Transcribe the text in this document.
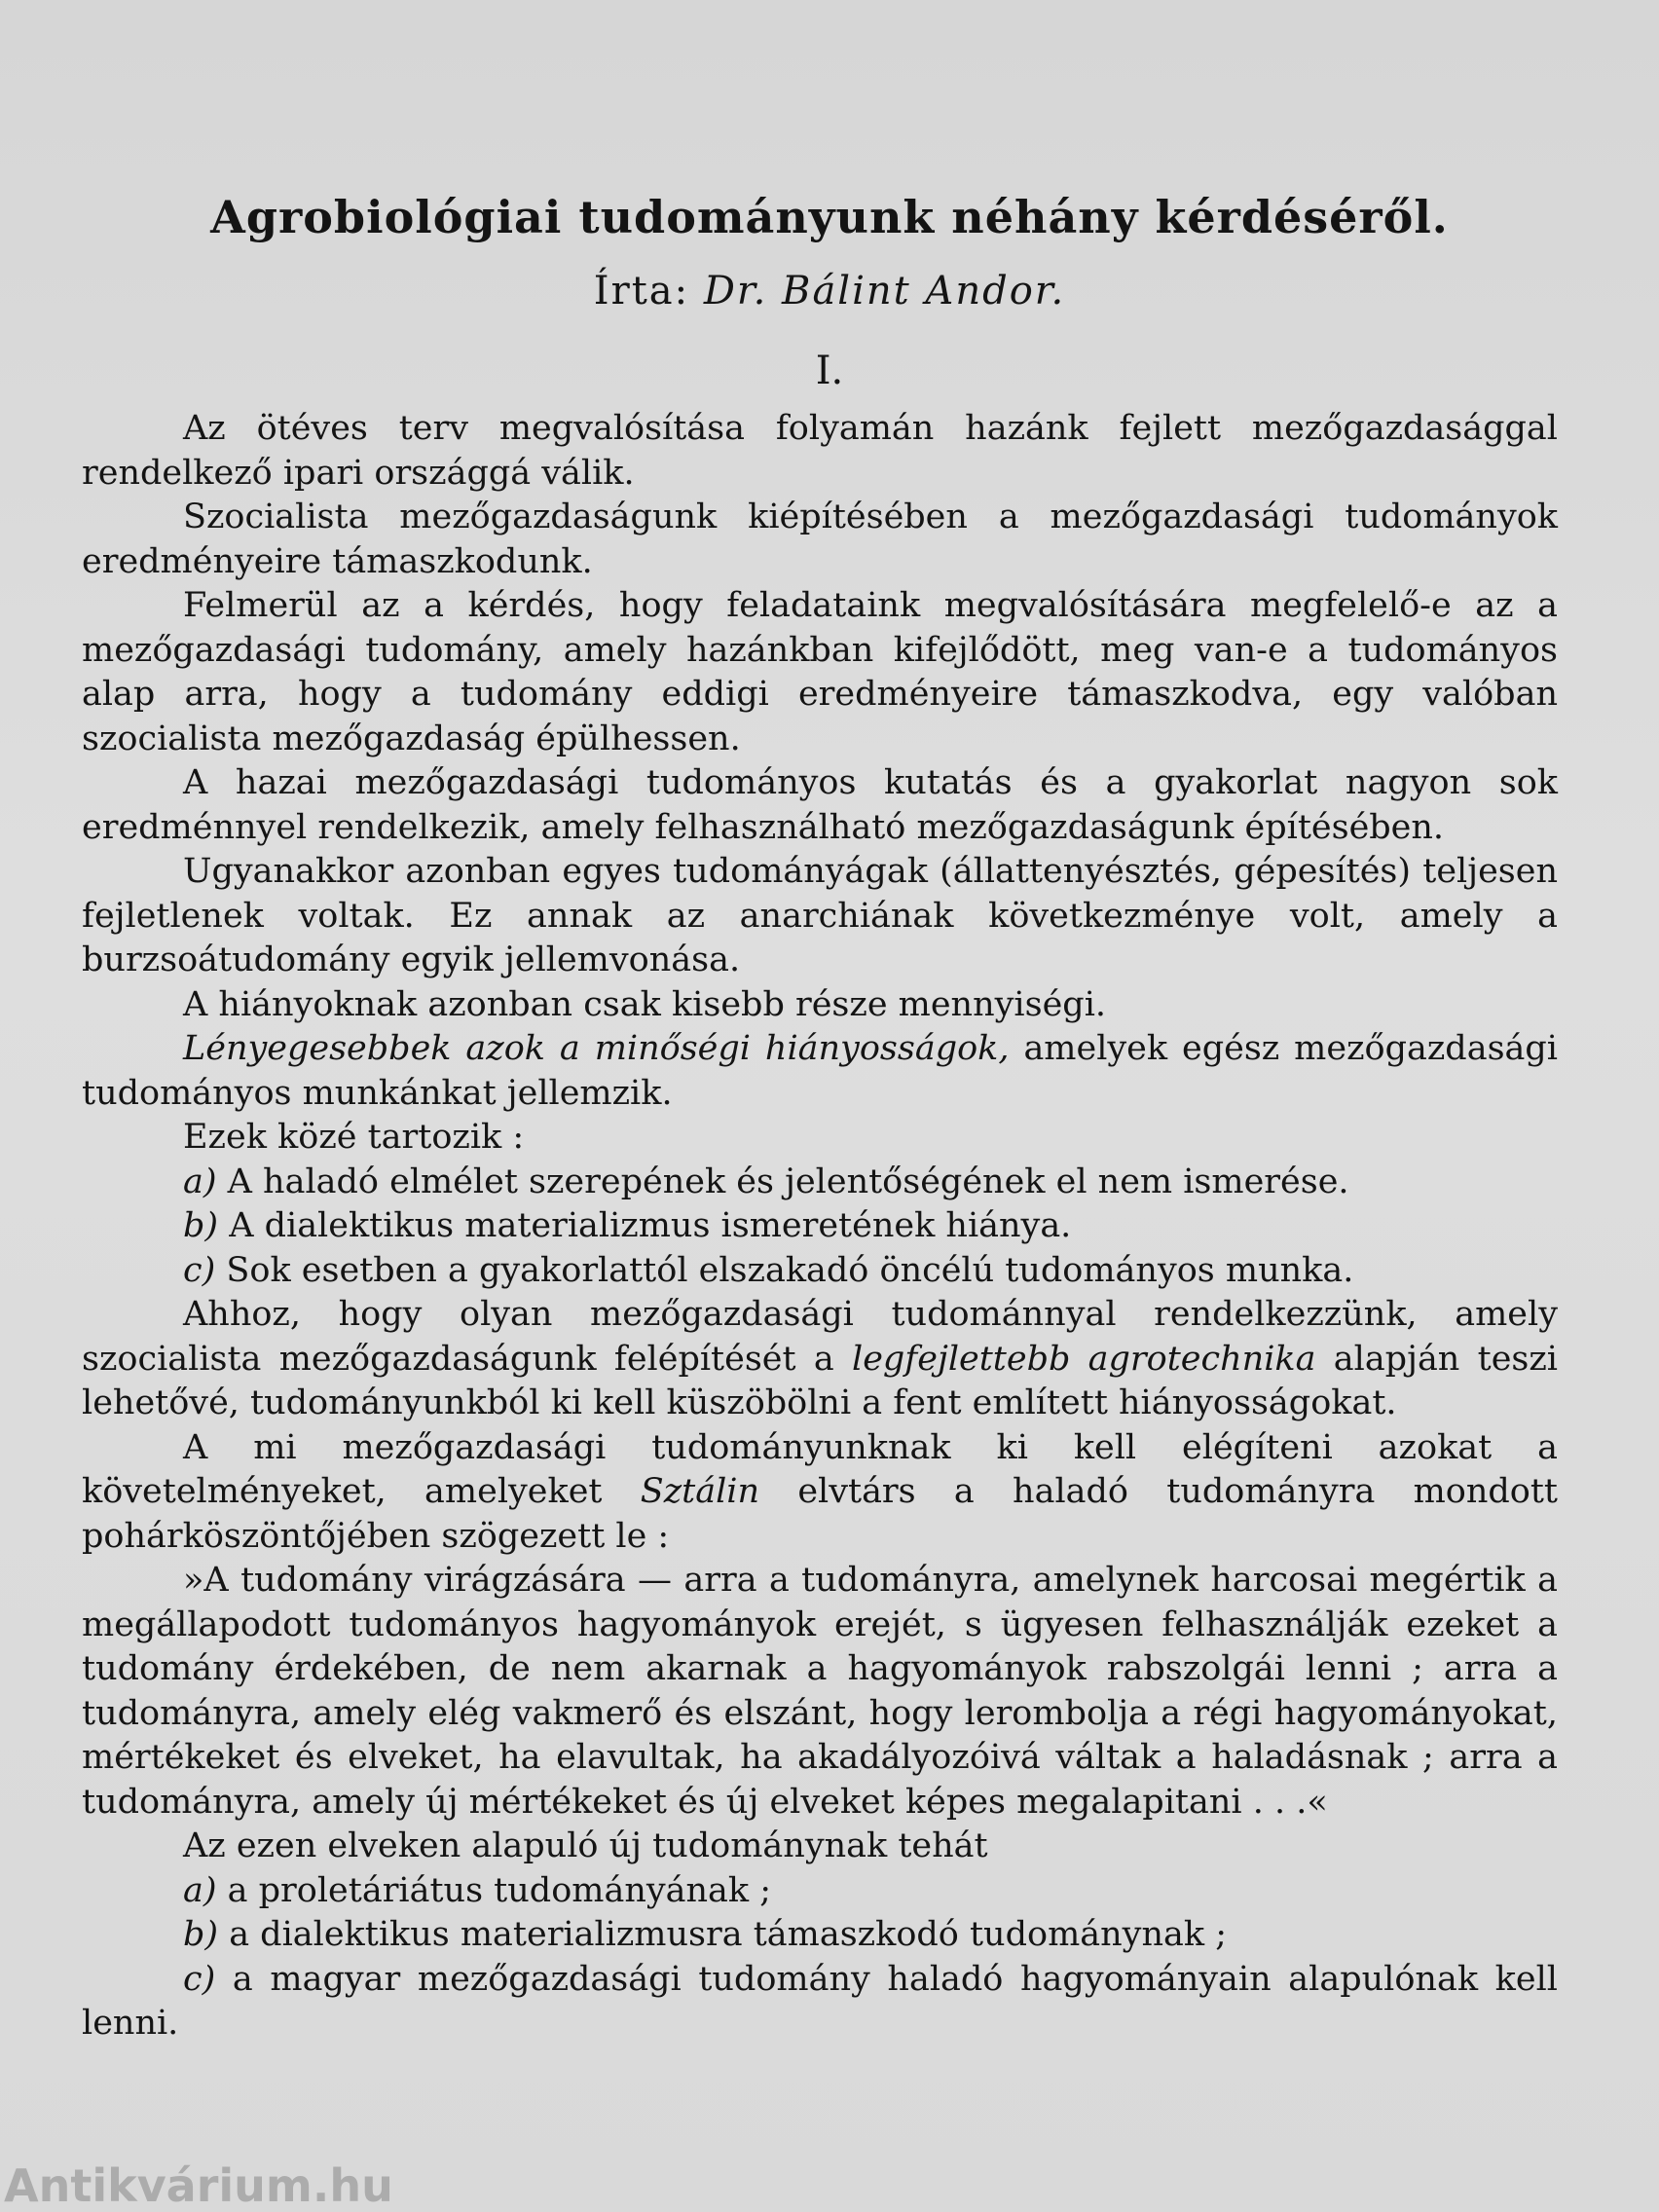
Agrobiológiai tudományunk néhány kérdéséről.
Írta: Dr. Bálint Andor.
I.

Az ötéves terv megvalósítása folyamán hazánk fejlett mezőgazdasággal rendelkező ipari országgá válik.

Szocialista mezőgazdaságunk kiépítésében a mezőgazdasági tudományok eredményeire támaszkodunk.

Felmerül az a kérdés, hogy feladataink megvalósítására megfelelő-e az a mezőgazdasági tudomány, amely hazánkban kifejlődött, meg van-e a tudományos alap arra, hogy a tudomány eddigi eredményeire támaszkodva, egy valóban szocialista mezőgazdaság épülhessen.

A hazai mezőgazdasági tudományos kutatás és a gyakorlat nagyon sok eredménnyel rendelkezik, amely felhasználható mezőgazdaságunk építésében.

Ugyanakkor azonban egyes tudományágak (állattenyésztés, gépesítés) teljesen fejletlenek voltak. Ez annak az anarchiának következménye volt, amely a burzsoátudomány egyik jellemvonása.

A hiányoknak azonban csak kisebb része mennyiségi.

Lényegesebbek azok a minőségi hiányosságok, amelyek egész mezőgazdasági tudományos munkánkat jellemzik.

Ezek közé tartozik :

a) A haladó elmélet szerepének és jelentőségének el nem ismerése.

b) A dialektikus materializmus ismeretének hiánya.

c) Sok esetben a gyakorlattól elszakadó öncélú tudományos munka.

Ahhoz, hogy olyan mezőgazdasági tudománnyal rendelkezzünk, amely szocialista mezőgazdaságunk felépítését a legfejlettebb agrotechnika alapján teszi lehetővé, tudományunkból ki kell küszöbölni a fent említett hiányosságokat.

A mi mezőgazdasági tudományunknak ki kell elégíteni azokat a követelményeket, amelyeket Sztálin elvtárs a haladó tudományra mondott pohárköszöntőjében szögezett le :

»A tudomány virágzására — arra a tudományra, amelynek harcosai megértik a megállapodott tudományos hagyományok erejét, s ügyesen felhasználják ezeket a tudomány érdekében, de nem akarnak a hagyományok rabszolgái lenni ; arra a tudományra, amely elég vakmerő és elszánt, hogy lerombolja a régi hagyományokat, mértékeket és elveket, ha elavultak, ha akadályozóivá váltak a haladásnak ; arra a tudományra, amely új mértékeket és új elveket képes megalapitani . . .«

Az ezen elveken alapuló új tudománynak tehát

a) a proletáriátus tudományának ;

b) a dialektikus materializmusra támaszkodó tudománynak ;

c) a magyar mezőgazdasági tudomány haladó hagyományain alapulónak kell lenni.

Antikvárium.hu
